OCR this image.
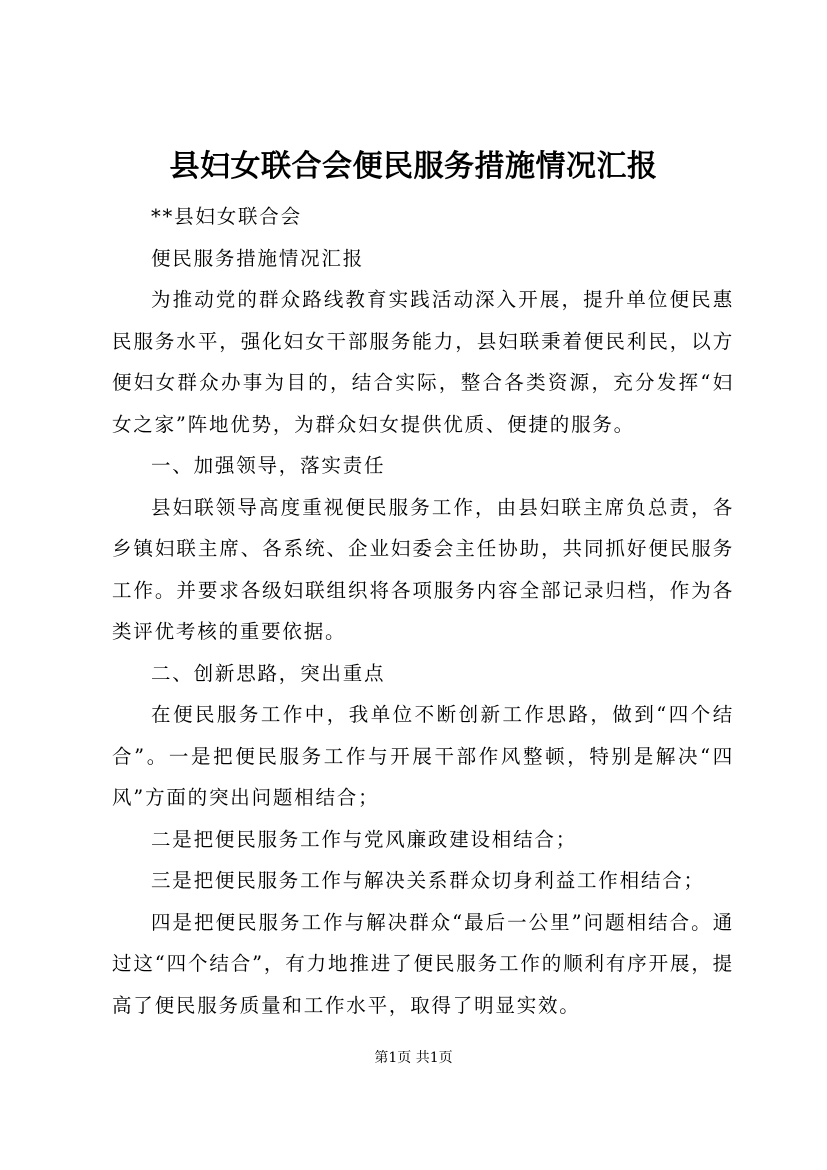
县妇女联合会便民服务措施情况汇报

**县妇女联合会

便民服务措施情况汇报

为推动党的群众路线教育实践活动深入开展，提升单位便民惠民服务水平，强化妇女干部服务能力，县妇联秉着便民利民，以方便妇女群众办事为目的，结合实际，整合各类资源，充分发挥“妇女之家”阵地优势，为群众妇女提供优质、便捷的服务。

一、加强领导，落实责任

县妇联领导高度重视便民服务工作，由县妇联主席负总责，各乡镇妇联主席、各系统、企业妇委会主任协助，共同抓好便民服务工作。并要求各级妇联组织将各项服务内容全部记录归档，作为各类评优考核的重要依据。

二、创新思路，突出重点

在便民服务工作中，我单位不断创新工作思路，做到“四个结合”。一是把便民服务工作与开展干部作风整顿，特别是解决“四风”方面的突出问题相结合；

二是把便民服务工作与党风廉政建设相结合；

三是把便民服务工作与解决关系群众切身利益工作相结合；

四是把便民服务工作与解决群众“最后一公里”问题相结合。通过这“四个结合”，有力地推进了便民服务工作的顺利有序开展，提高了便民服务质量和工作水平，取得了明显实效。

第1页 共1页
